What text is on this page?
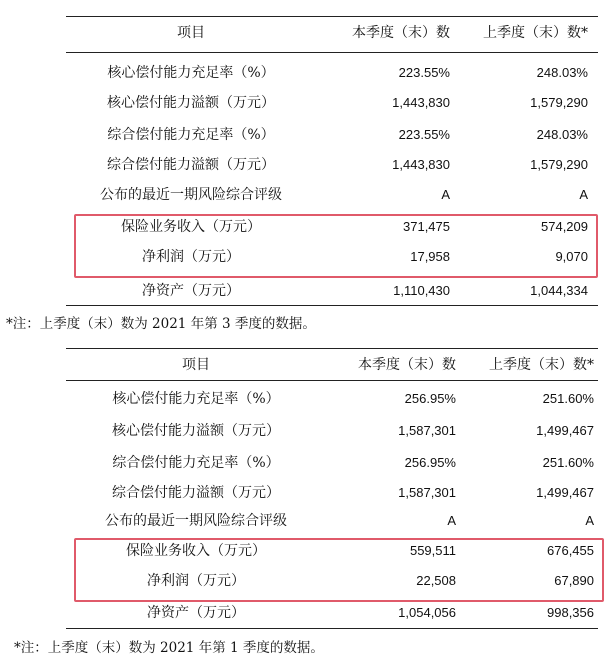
项目	本季度（末）数	上季度（末）数*
核心偿付能力充足率（%）	223.55%	248.03%
核心偿付能力溢额（万元）	1,443,830	1,579,290
综合偿付能力充足率（%）	223.55%	248.03%
综合偿付能力溢额（万元）	1,443,830	1,579,290
公布的最近一期风险综合评级	A	A
保险业务收入（万元）	371,475	574,209
净利润（万元）	17,958	9,070
净资产（万元）	1,110,430	1,044,334
*注：上季度（末）数为 2021 年第 3 季度的数据。
项目	本季度（末）数	上季度（末）数*
核心偿付能力充足率（%）	256.95%	251.60%
核心偿付能力溢额（万元）	1,587,301	1,499,467
综合偿付能力充足率（%）	256.95%	251.60%
综合偿付能力溢额（万元）	1,587,301	1,499,467
公布的最近一期风险综合评级	A	A
保险业务收入（万元）	559,511	676,455
净利润（万元）	22,508	67,890
净资产（万元）	1,054,056	998,356
*注：上季度（末）数为 2021 年第 1 季度的数据。
